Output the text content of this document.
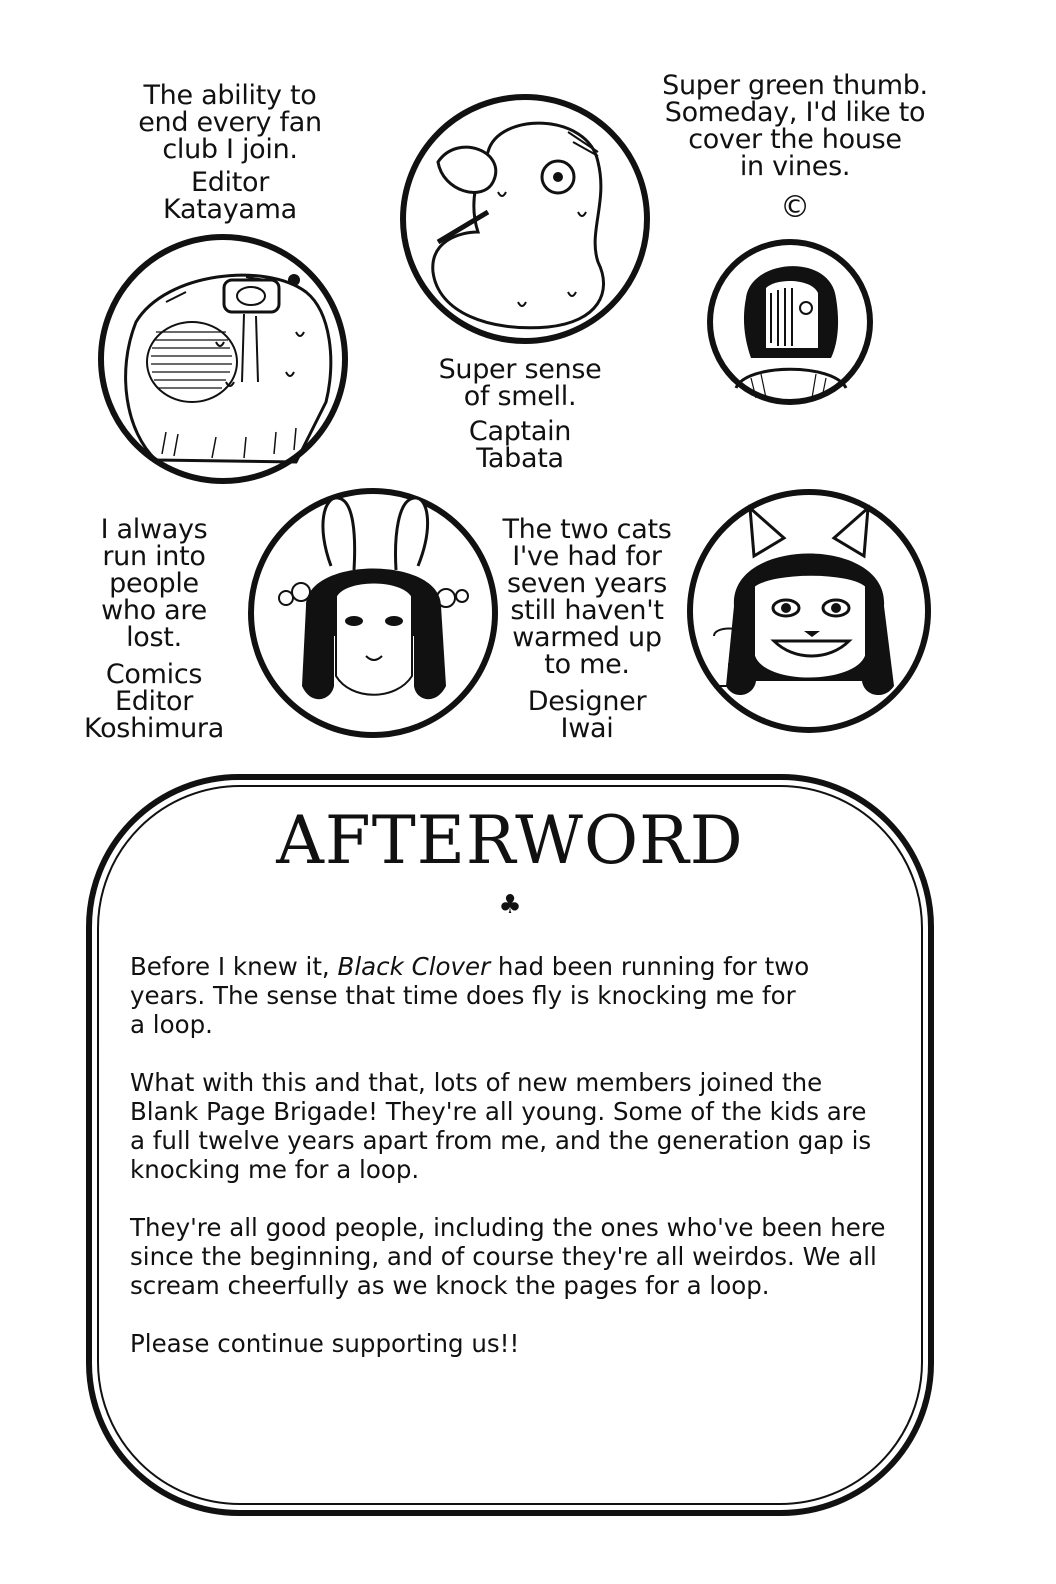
The ability to
end every fan
club I join.
Editor
Katayama
Super sense
of smell.
Captain
Tabata
Super green thumb.
Someday, I'd like to
cover the house
in vines.
©
I always
run into
people
who are
lost.
Comics
Editor
Koshimura
The two cats
I've had for
seven years
still haven't
warmed up
to me.
Designer
Iwai
AFTERWORD
♣

Before I knew it, Black Clover had been running for two
years. The sense that time does fly is knocking me for
a loop.

What with this and that, lots of new members joined the
Blank Page Brigade! They're all young. Some of the kids are
a full twelve years apart from me, and the generation gap is
knocking me for a loop.

They're all good people, including the ones who've been here
since the beginning, and of course they're all weirdos. We all
scream cheerfully as we knock the pages for a loop.

Please continue supporting us!!
